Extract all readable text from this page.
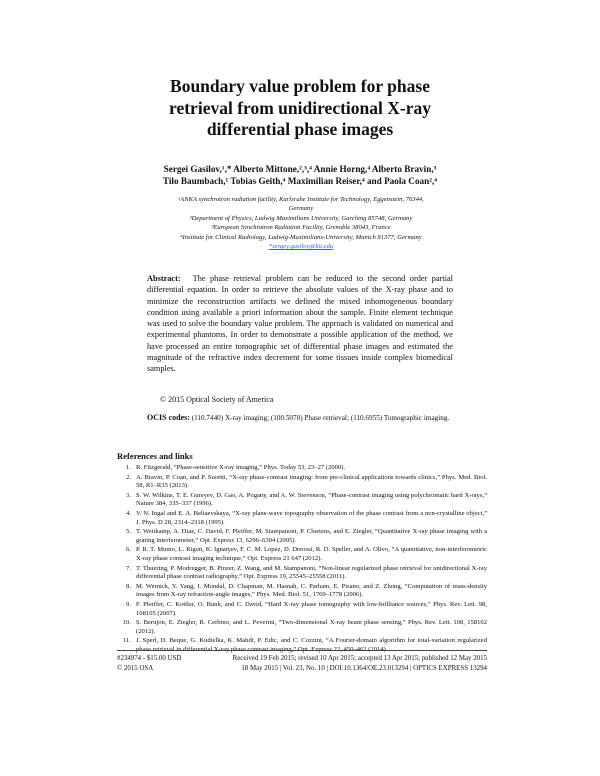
Boundary value problem for phase
retrieval from unidirectional X-ray
differential phase images
Sergei Gasilov,¹,* Alberto Mittone,²,³,⁴ Annie Horng,⁴ Alberto Bravin,³
Tilo Baumbach,¹ Tobias Geith,⁴ Maximilian Reiser,⁴ and Paola Coan²,⁴
¹ANKA synchrotron radiation facility, Karlsruhe Institute for Technology, Eggenstein, 76344,
Germany
²Department of Physics, Ludwig Maximilians University, Garching 85748, Germany
³European Synchrotron Radiation Facility, Grenoble 38043, France
⁴Institute for Clinical Radiology, Ludwig-Maximilians-University, Munich 81377, Germany
*sergey.gasilov@kit.edu
Abstract: The phase retrieval problem can be reduced to the second order partial differential equation. In order to retrieve the absolute values of the X-ray phase and to minimize the reconstruction artifacts we defined the mixed inhomogeneous boundary condition using available a priori information about the sample. Finite element technique was used to solve the boundary value problem. The approach is validated on numerical and experimental phantoms. In order to demonstrate a possible application of the method, we have processed an entire tomographic set of differential phase images and estimated the magnitude of the refractive index decrement for some tissues inside complex biomedical samples.
© 2015 Optical Society of America
OCIS codes: (110.7440) X-ray imaging; (100.5070) Phase retrieval; (110.6955) Tomographic imaging.
References and links
1. R. Fitzgerald, “Phase-sensitive X-ray imaging,” Phys. Today 53, 23–27 (2000).
2. A. Bravin, P. Coan, and P. Suortti, “X-ray phase-contrast imaging: from pre-clinical applications towards clinics,” Phys. Med. Biol. 58, R1–R35 (2013).
3. S. W. Wilkins, T. E. Gureyev, D. Gao, A. Pogany, and A. W. Stevenson, “Phase-contrast imaging using polychromatic hard X-rays,” Nature 384, 335–337 (1996).
4. V. N. Ingal and E. A. Beliaevskaya, “X-ray plane-wave topography observation of the phase contrast from a non-crystalline object,” J. Phys. D 28, 2314–2318 (1995).
5. T. Weitkamp, A. Diaz, C. David, F. Pfeiffer, M. Stampanoni, P. Cloetens, and E. Ziegler, “Quantitative X-ray phase imaging with a grating interferometer,” Opt. Express 13, 6296–6304 (2005).
6. P. R. T. Munro, L. Rigon, K. Ignatyev, F. C. M. Lopez, D. Dreossi, R. D. Speller, and A. Olivo, “A quantitative, non-interferometric X-ray phase contrast imaging technique,” Opt. Express 21 647 (2012).
7. T. Thuering, P. Modregger, B. Pinzer, Z. Wang, and M. Stampanoni, “Non-linear regularized phase retrieval for unidirectional X-ray differential phase contrast radiography,” Opt. Express 19, 25545–25558 (2011).
8. M. Wernick, Y. Yang, I. Mondal, D. Chapman, M. Hasnah, C. Parham, E. Pisano, and Z. Zhong, “Computation of mass-density images from X-ray refraction-angle images,” Phys. Med. Biol. 51, 1769–1778 (2006).
9. F. Pfeiffer, C. Kottler, O. Bunk, and C. David, “Hard X-ray phase tomography with low-brilliance sources,” Phys. Rev. Lett. 98, 108105 (2007).
10. S. Berujon, E. Ziegler, R. Cerbino, and L. Peverini, “Two-dimensional X-ray beam phase sensing,” Phys. Rev. Lett. 108, 158102 (2012).
11. J. Sperl, D. Beque, G. Kudielka, K. Mahdi, P. Edic, and C. Cozzini, “A Fourier-domain algorithm for total-variation regularized phase retrieval in differential X-ray phase contrast imaging,” Opt. Express 22, 450–462 (2014).
#234974 - $15.00 USD	Received 19 Feb 2015; revised 10 Apr 2015; accepted 13 Apr 2015; published 12 May 2015
© 2015 OSA	18 May 2015 | Vol. 23, No. 10 | DOI:10.1364/OE.23.013294 | OPTICS EXPRESS 13294
